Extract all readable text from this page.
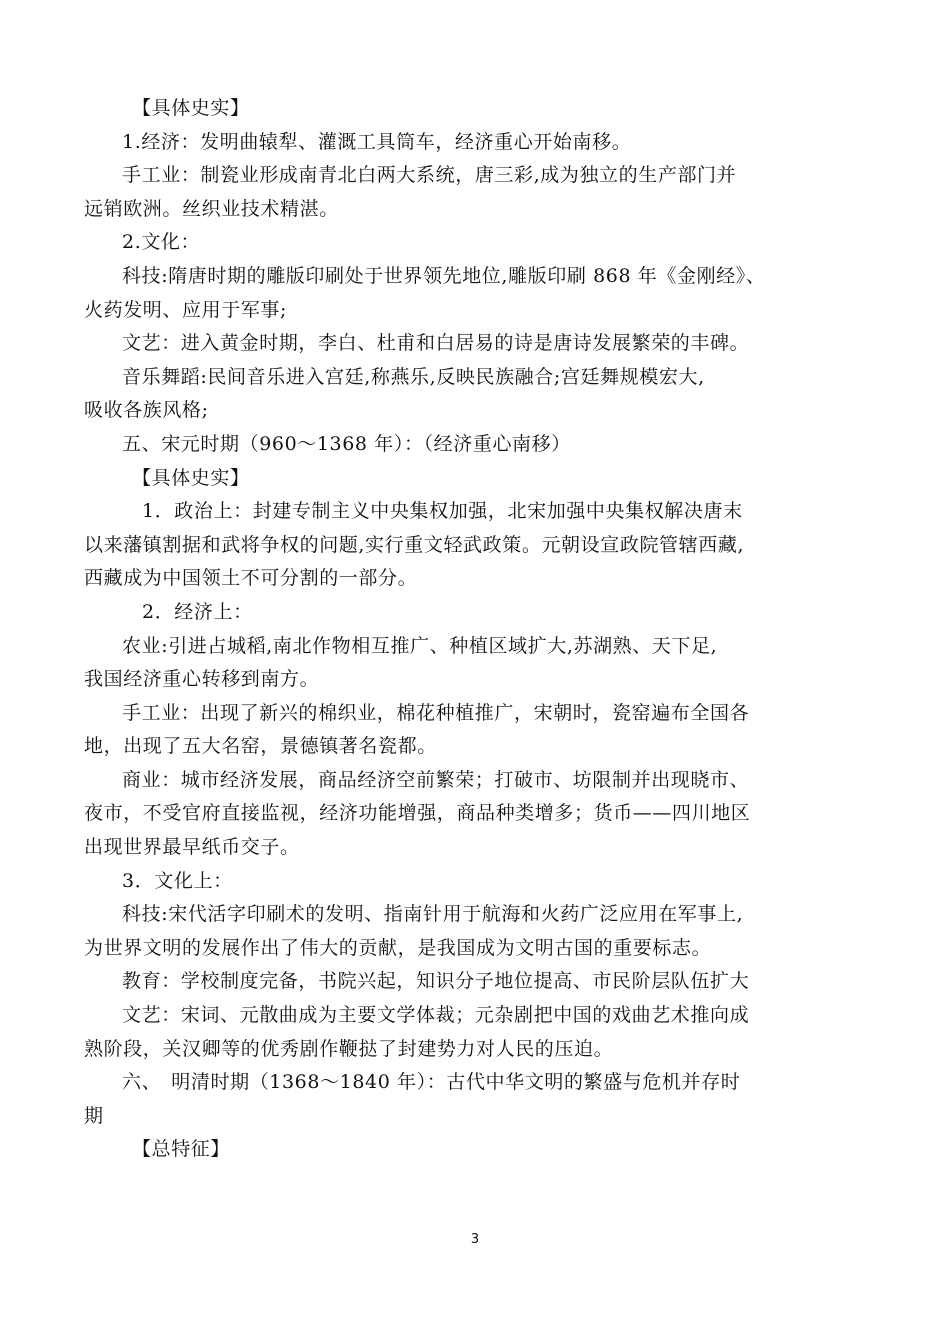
【具体史实】

1.经济：发明曲辕犁、灌溉工具筒车，经济重心开始南移。

手工业：制瓷业形成南青北白两大系统，唐三彩,成为独立的生产部门并

远销欧洲。丝织业技术精湛。

2.文化：

科技:隋唐时期的雕版印刷处于世界领先地位,雕版印刷 868 年《金刚经》、

火药发明、应用于军事;

文艺：进入黄金时期，李白、杜甫和白居易的诗是唐诗发展繁荣的丰碑。

音乐舞蹈:民间音乐进入宫廷,称燕乐,反映民族融合;宫廷舞规模宏大,

吸收各族风格;

五、宋元时期（960～1368 年）：（经济重心南移）

【具体史实】

1．政治上：封建专制主义中央集权加强，北宋加强中央集权解决唐末

以来藩镇割据和武将争权的问题,实行重文轻武政策。元朝设宣政院管辖西藏,

西藏成为中国领土不可分割的一部分。

2．经济上：

农业:引进占城稻,南北作物相互推广、种植区域扩大,苏湖熟、天下足,

我国经济重心转移到南方。

手工业：出现了新兴的棉织业，棉花种植推广，宋朝时，瓷窑遍布全国各

地，出现了五大名窑，景德镇著名瓷都。

商业：城市经济发展，商品经济空前繁荣；打破市、坊限制并出现晓市、

夜市，不受官府直接监视，经济功能增强，商品种类增多；货币——四川地区

出现世界最早纸币交子。

3．文化上：

科技:宋代活字印刷术的发明、指南针用于航海和火药广泛应用在军事上,

为世界文明的发展作出了伟大的贡献，是我国成为文明古国的重要标志。

教育：学校制度完备，书院兴起，知识分子地位提高、市民阶层队伍扩大

文艺：宋词、元散曲成为主要文学体裁；元杂剧把中国的戏曲艺术推向成

熟阶段，关汉卿等的优秀剧作鞭挞了封建势力对人民的压迫。

六、　明清时期（1368～1840 年）：古代中华文明的繁盛与危机并存时

期

【总特征】

3
